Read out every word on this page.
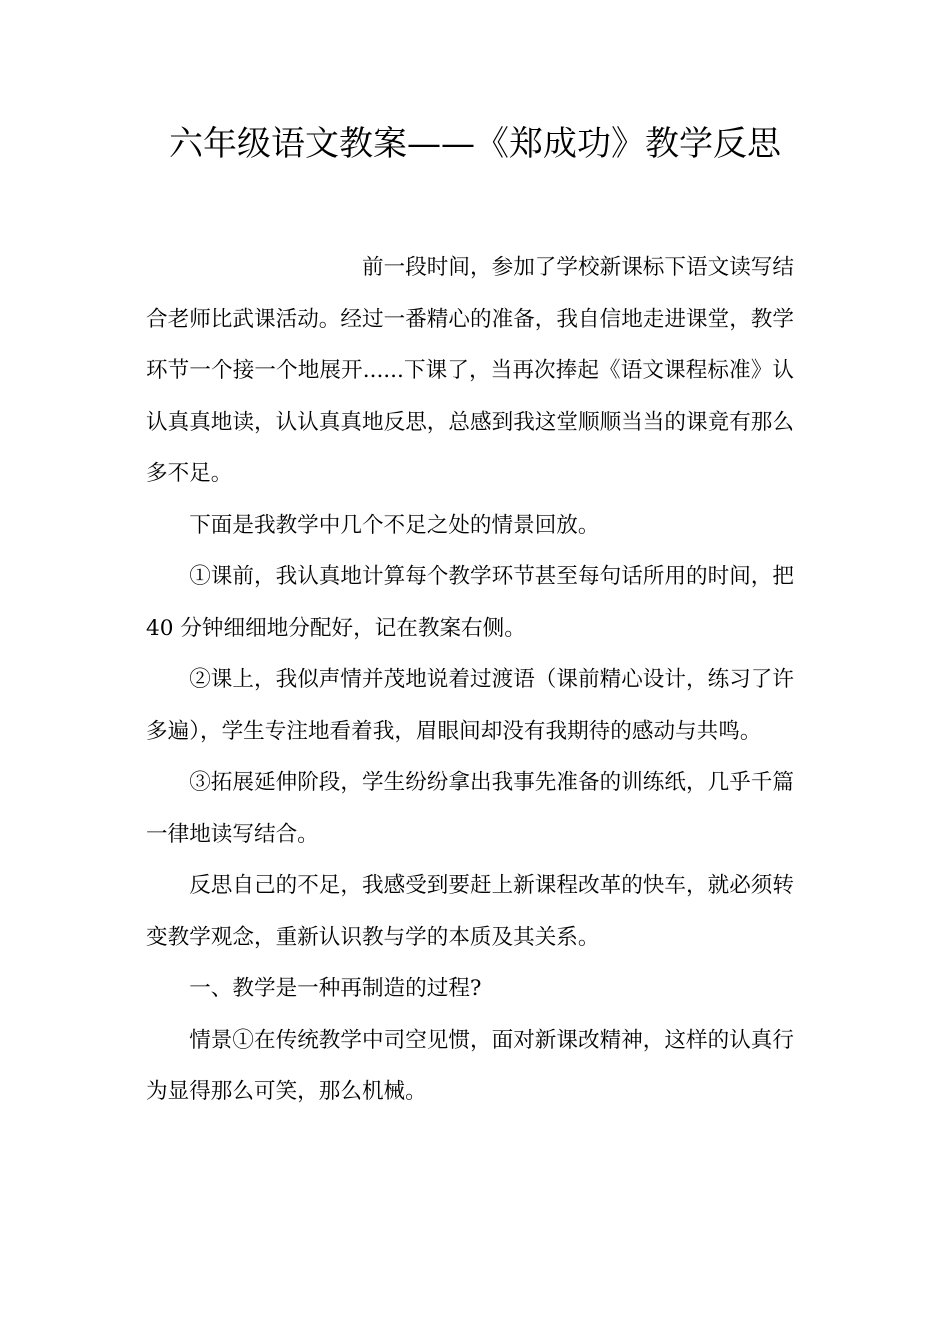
六年级语文教案——《郑成功》教学反思

前一段时间，参加了学校新课标下语文读写结合老师比武课活动。经过一番精心的准备，我自信地走进课堂，教学环节一个接一个地展开......下课了，当再次捧起《语文课程标准》认认真真地读，认认真真地反思，总感到我这堂顺顺当当的课竟有那么多不足。

下面是我教学中几个不足之处的情景回放。

①课前，我认真地计算每个教学环节甚至每句话所用的时间，把 40 分钟细细地分配好，记在教案右侧。

②课上，我似声情并茂地说着过渡语（课前精心设计，练习了许多遍），学生专注地看着我，眉眼间却没有我期待的感动与共鸣。

③拓展延伸阶段，学生纷纷拿出我事先准备的训练纸，几乎千篇一律地读写结合。

反思自己的不足，我感受到要赶上新课程改革的快车，就必须转变教学观念，重新认识教与学的本质及其关系。

一、教学是一种再制造的过程?

情景①在传统教学中司空见惯，面对新课改精神，这样的认真行为显得那么可笑，那么机械。
